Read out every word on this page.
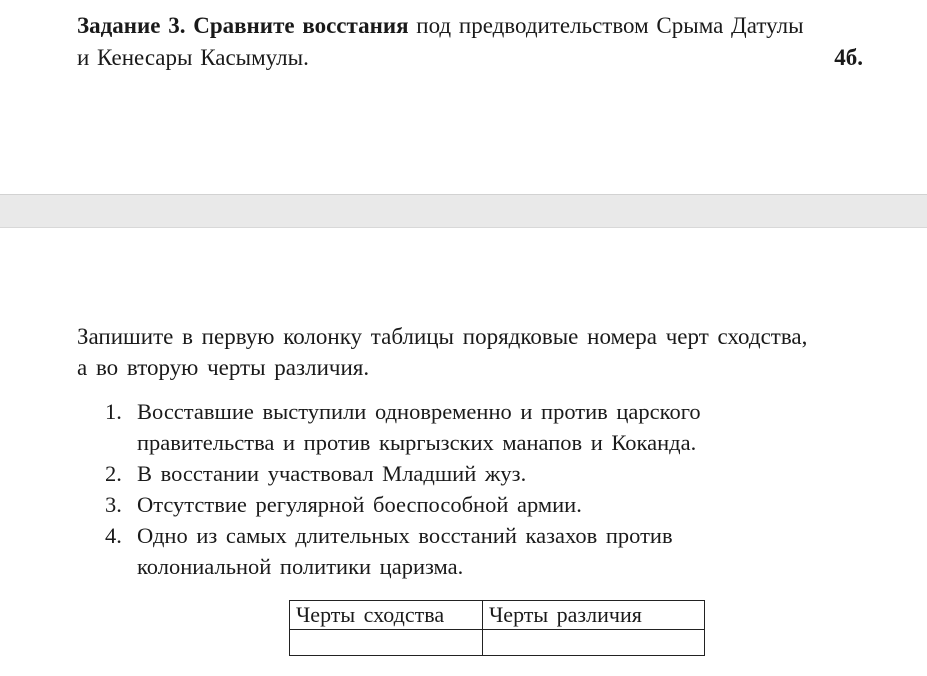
Задание 3. Сравните восстания под предводительством Срыма Датулы
и Кенесары Касымулы.	4б.
Запишите в первую колонку таблицы порядковые номера черт сходства,
а во вторую черты различия.
1. Восставшие выступили одновременно и против царского
правительства и против кыргызских манапов и Коканда.
2. В восстании участвовал Младший жуз.
3. Отсутствие регулярной боеспособной армии.
4. Одно из самых длительных восстаний казахов против
колониальной политики царизма.
Черты сходства	Черты различия
